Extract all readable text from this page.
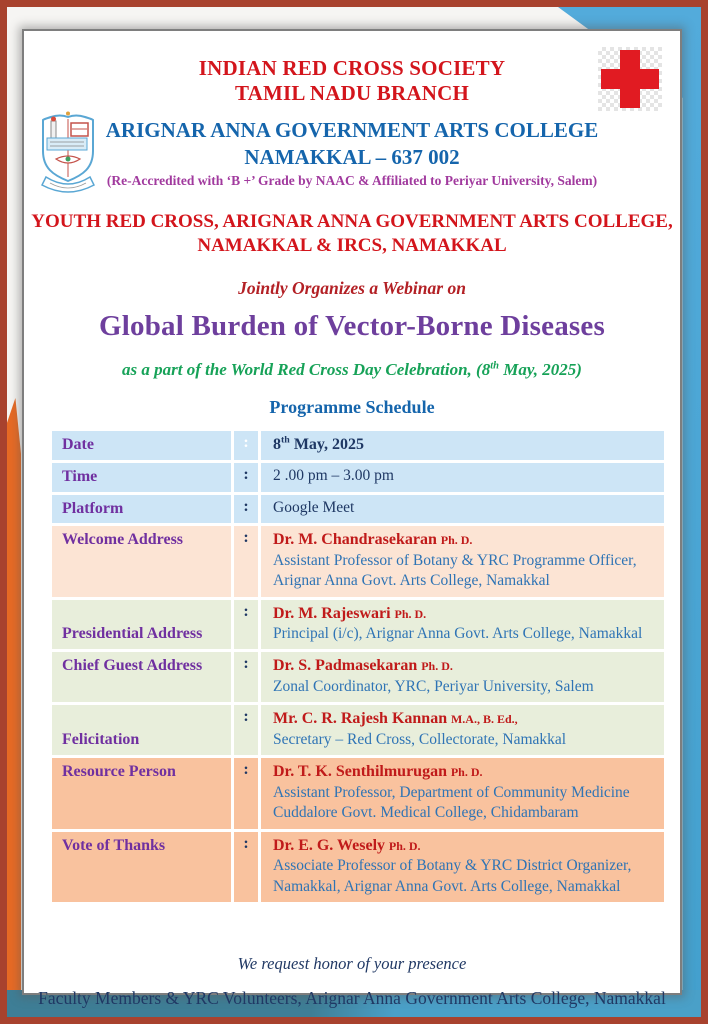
INDIAN RED CROSS SOCIETY
TAMIL NADU BRANCH
ARIGNAR ANNA GOVERNMENT ARTS COLLEGE
NAMAKKAL – 637 002
(Re-Accredited with ‘B +’ Grade by NAAC & Affiliated to Periyar University, Salem)
YOUTH RED CROSS, ARIGNAR ANNA GOVERNMENT ARTS COLLEGE,
NAMAKKAL & IRCS, NAMAKKAL
Jointly Organizes a Webinar on
Global Burden of Vector-Borne Diseases
as a part of the World Red Cross Day Celebration, (8th May, 2025)
Programme Schedule
Date	:	8th May, 2025
Time	:	2 .00 pm – 3.00 pm
Platform	:	Google Meet
Welcome Address	:	Dr. M. Chandrasekaran Ph. D.
Assistant Professor of Botany & YRC Programme Officer,
Arignar Anna Govt. Arts College, Namakkal
Presidential Address
:	Dr. M. Rajeswari Ph. D.
Principal (i/c), Arignar Anna Govt. Arts College, Namakkal
Chief Guest Address	:	Dr. S. Padmasekaran Ph. D.
Zonal Coordinator, YRC, Periyar University, Salem
Felicitation
:	Mr. C. R. Rajesh Kannan M.A., B. Ed.,
Secretary – Red Cross, Collectorate, Namakkal
Resource Person	:	Dr. T. K. Senthilmurugan Ph. D.
Assistant Professor, Department of Community Medicine
Cuddalore Govt. Medical College, Chidambaram
Vote of Thanks	:	Dr. E. G. Wesely Ph. D.
Associate Professor of Botany & YRC District Organizer,
Namakkal, Arignar Anna Govt. Arts College, Namakkal
We request honor of your presence
Faculty Members & YRC Volunteers, Arignar Anna Government Arts College, Namakkal
